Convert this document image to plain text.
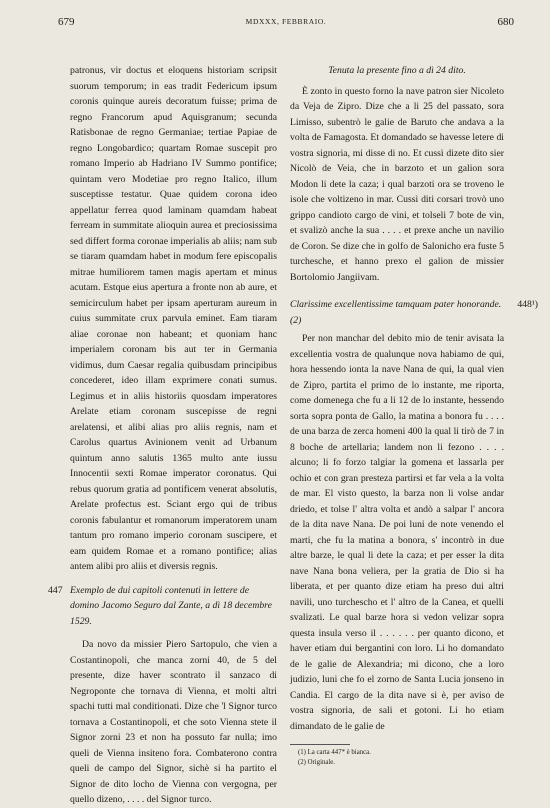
679	MDXXX, FEBBRAIO.	680

patronus, vir doctus et eloquens historiam scripsit suorum temporum; in eas tradit Federicum ipsum coronis quinque aureis decoratum fuisse; prima de regno Francorum apud Aquisgranum; secunda Ratisbonae de regno Germaniae; tertiae Papiae de regno Longobardico; quartam Romae suscepit pro romano Imperio ab Hadriano IV Summo pontifice; quintam vero Modetiae pro regno Italico, illum susceptisse testatur. Quae quidem corona ideo appellatur ferrea quod laminam quamdam habeat ferream in summitate alioquin aurea et preciosissima sed differt forma coronae imperialis ab aliis; nam sub se tiaram quamdam habet in modum fere episcopalis mitrae humiliorem tamen magis apertam et minus acutam. Estque eius apertura a fronte non ab aure, et semicirculum habet per ipsam aperturam aureum in cuius summitate crux parvula eminet. Eam tiaram aliae coronae non habeant; et quoniam hanc imperialem coronam bis aut ter in Germania vidimus, dum Caesar regalia quibusdam principibus concederet, ideo illam exprimere conati sumus. Legimus et in aliis historiis quosdam imperatores Arelate etiam coronam suscepisse de regni arelatensi, et alibi alias pro aliis regnis, nam et Carolus quartus Avinionem venit ad Urbanum quintum anno salutis 1365 multo ante iussu Innocentii sexti Romae imperator coronatus. Qui rebus quorum gratia ad pontificem venerat absolutis, Arelate profectus est. Sciant ergo qui de tribus coronis fabulantur et romanorum imperatorem unam tantum pro romano imperio coronam suscipere, et eam quidem Romae et a romano pontifice; alias antem alibi pro aliis et diversis regnis.

447 Exemplo de dui capitoli contenuti in lettere de domino Jacomo Seguro dal Zante, a dì 18 decembre 1529.

Da novo da missier Piero Sartopulo, che vien a Costantinopoli, che manca zorni 40, de 5 del presente, dize haver scontrato il sanzaco di Negroponte che tornava di Vienna, et molti altri spachi tutti mal conditionati. Dize che 'l Signor turco tornava a Costantinopoli, et che soto Vienna stete il Signor zorni 23 et non ha possuto far nulla; imo queli de Vienna insiteno fora. Combaterono contra queli de campo del Signor, sichè si ha partito el Signor de dito locho de Vienna con vergogna, per quello dizeno, . . . . del Signor turco.

Tenuta la presente fino a dì 24 dito.

È zonto in questo forno la nave patron sier Nicoleto da Veja de Zipro. Dize che a li 25 del passato, sora Limisso, subentrò le galie de Baruto che andava a la volta de Famagosta. Et domandado se havesse letere di vostra signoria, mi disse di no. Et cussì dizete dito sier Nicolò de Veia, che in barzoto et un galion sora Modon li dete la caza; i qual barzoti ora se troveno le isole che voltizeno in mar. Cussì diti corsari trovò uno grippo candioto cargo de vini, et tolseli 7 bote de vin, et svalizò anche la sua . . . . et prexe anche un navilio de Coron. Se dize che in golfo de Salonicho era fuste 5 turchesche, et hanno prexo el galion de missier Bortolomio Jangiivam.

448¹)
Clarissime excellentissime tamquam pater honorande. (2)

Per non manchar del debito mio de tenir avisata la excellentia vostra de qualunque nova habiamo de qui, hora hessendo ionta la nave Nana de qui, la qual vien de Zipro, partita el primo de lo instante, me riporta, come domenega che fu a li 12 de lo instante, hessendo sorta sopra ponta de Gallo, la matina a bonora fu . . . . de una barza de zerca homeni 400 la qual li tirò de 7 in 8 boche de artellaria; landem non li fezono . . . . alcuno; li fo forzo talgiar la gomena et lassarla per ochio et con gran presteza partirsi et far vela a la volta de mar. El visto questo, la barza non li volse andar driedo, et tolse l' altra volta et andò a salpar l' ancora de la dita nave Nana. De poi luni de note venendo el marti, che fu la matina a bonora, s' incontrò in due altre barze, le qual li dete la caza; et per esser la dita nave Nana bona veliera, per la gratia de Dio si ha liberata, et per quanto dize etiam ha preso dui altri navili, uno turchescho et l' altro de la Canea, et quelli svalizati. Le qual barze hora si vedon velizar sopra questa insula verso il . . . . . . per quanto dicono, et haver etiam dui bergantini con loro. Li ho domandato de le galie de Alexandria; mi dicono, che a loro judizio, luni che fo el zorno de Santa Lucia jonseno in Candia. El cargo de la dita nave si è, per aviso de vostra signoria, de sali et gotoni. Li ho etiam dimandato de le galie de

(1) La carta 447* è bianca.
(2) Originale.
